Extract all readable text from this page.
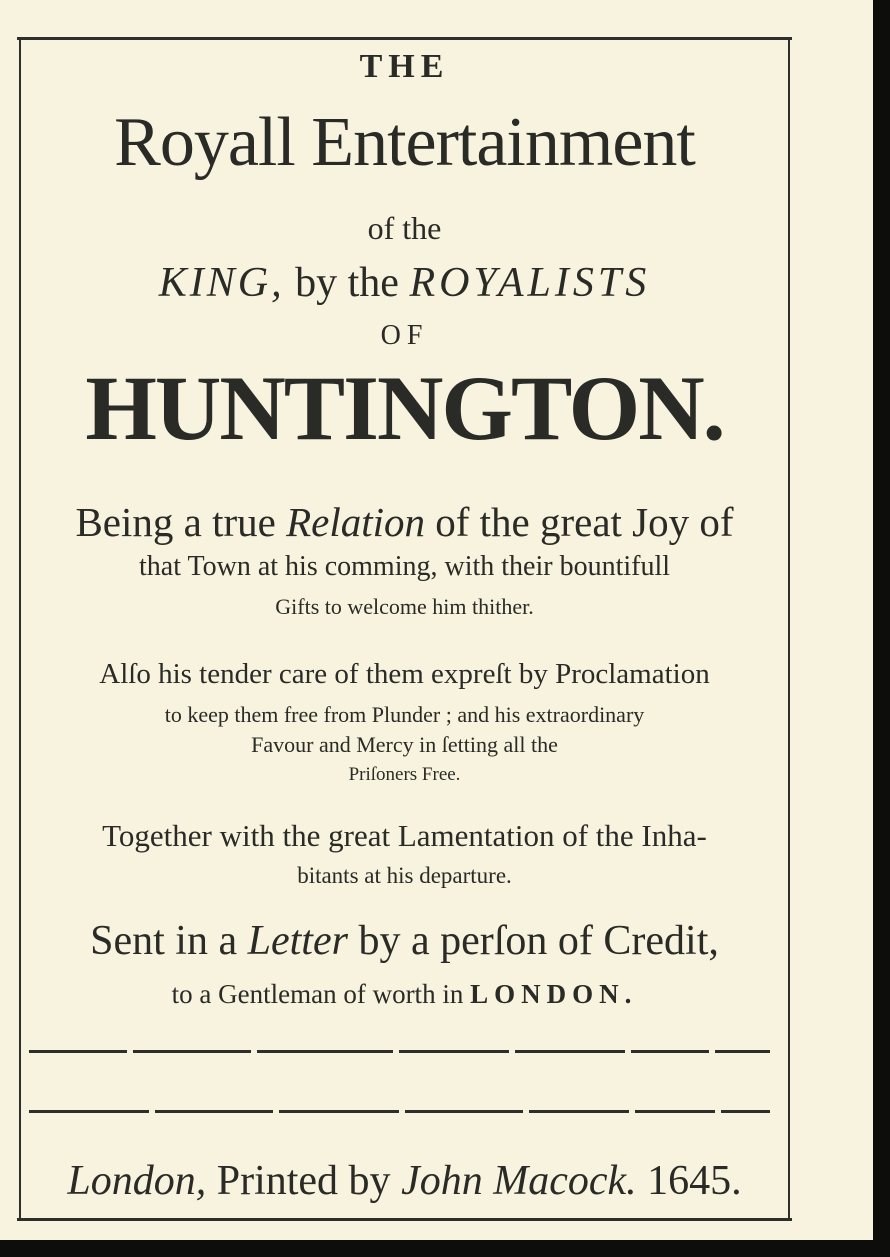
THE
Royall Entertainment
of the
KING, by the ROYALISTS
OF
HUNTINGTON.
Being a true Relation of the great Joy of
that Town at his comming, with their bountifull
Gifts to welcome him thither.
Alſo his tender care of them expreſt by Proclamation
to keep them free from Plunder ; and his extraordinary
Favour and Mercy in ſetting all the
Priſoners Free.
Together with the great Lamentation of the Inha-
bitants at his departure.
Sent in a Letter by a perſon of Credit,
to a Gentleman of worth in LONDON.
London, Printed by John Macock. 1645.
